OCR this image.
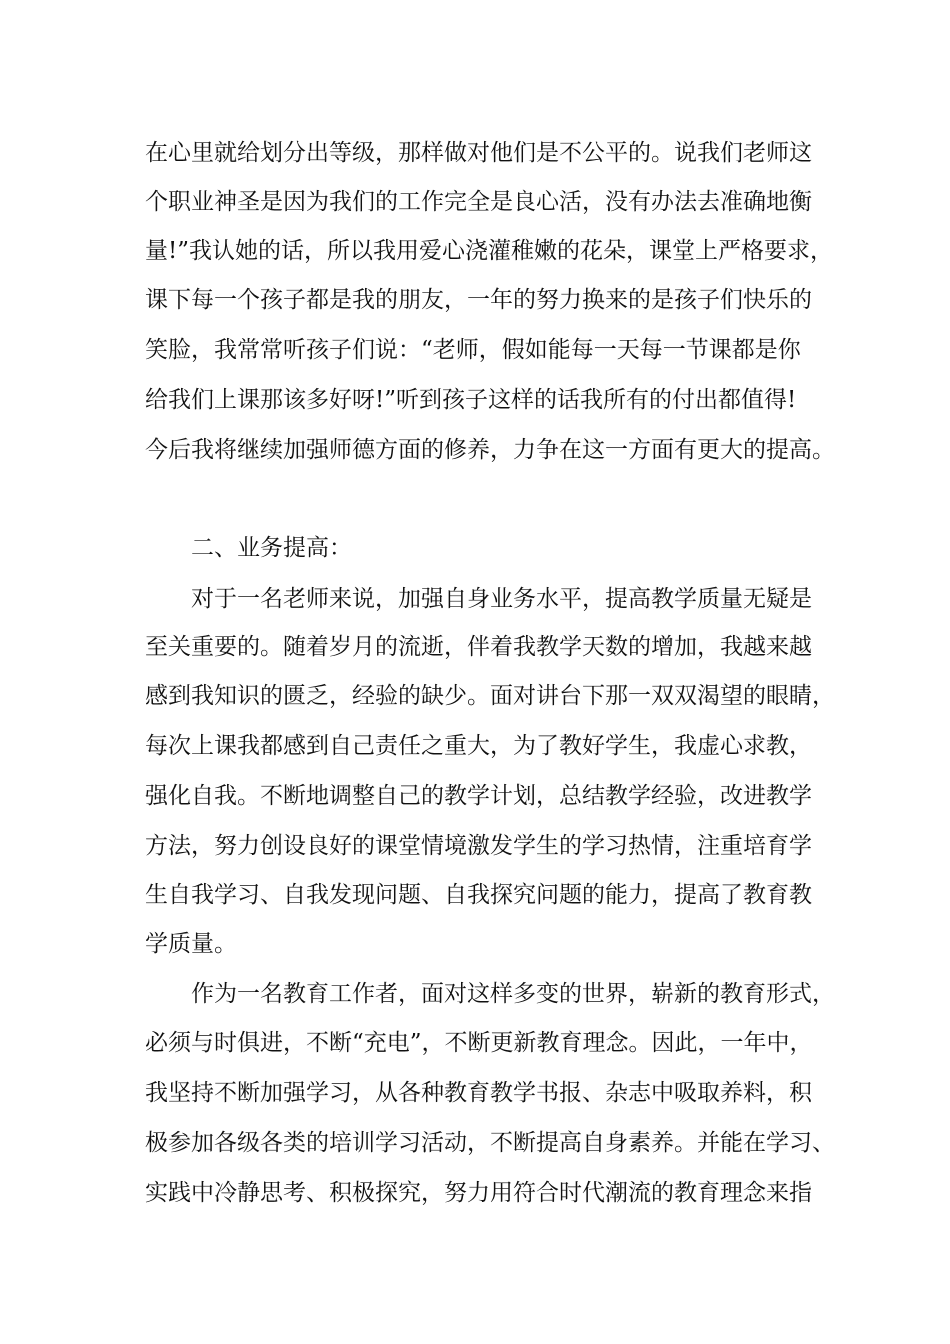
在心里就给划分出等级，那样做对他们是不公平的。说我们老师这
个职业神圣是因为我们的工作完全是良心活，没有办法去准确地衡
量!”我认她的话，所以我用爱心浇灌稚嫩的花朵，课堂上严格要求，
课下每一个孩子都是我的朋友，一年的努力换来的是孩子们快乐的
笑脸，我常常听孩子们说：“老师，假如能每一天每一节课都是你
给我们上课那该多好呀!”听到孩子这样的话我所有的付出都值得!
今后我将继续加强师德方面的修养，力争在这一方面有更大的提高。
二、业务提高：
对于一名老师来说，加强自身业务水平，提高教学质量无疑是
至关重要的。随着岁月的流逝，伴着我教学天数的增加，我越来越
感到我知识的匮乏，经验的缺少。面对讲台下那一双双渴望的眼睛，
每次上课我都感到自己责任之重大，为了教好学生，我虚心求教，
强化自我。不断地调整自己的教学计划，总结教学经验，改进教学
方法，努力创设良好的课堂情境激发学生的学习热情，注重培育学
生自我学习、自我发现问题、自我探究问题的能力，提高了教育教
学质量。
作为一名教育工作者，面对这样多变的世界，崭新的教育形式，
必须与时俱进，不断“充电”，不断更新教育理念。因此，一年中，
我坚持不断加强学习，从各种教育教学书报、杂志中吸取养料，积
极参加各级各类的培训学习活动，不断提高自身素养。并能在学习、
实践中冷静思考、积极探究，努力用符合时代潮流的教育理念来指
